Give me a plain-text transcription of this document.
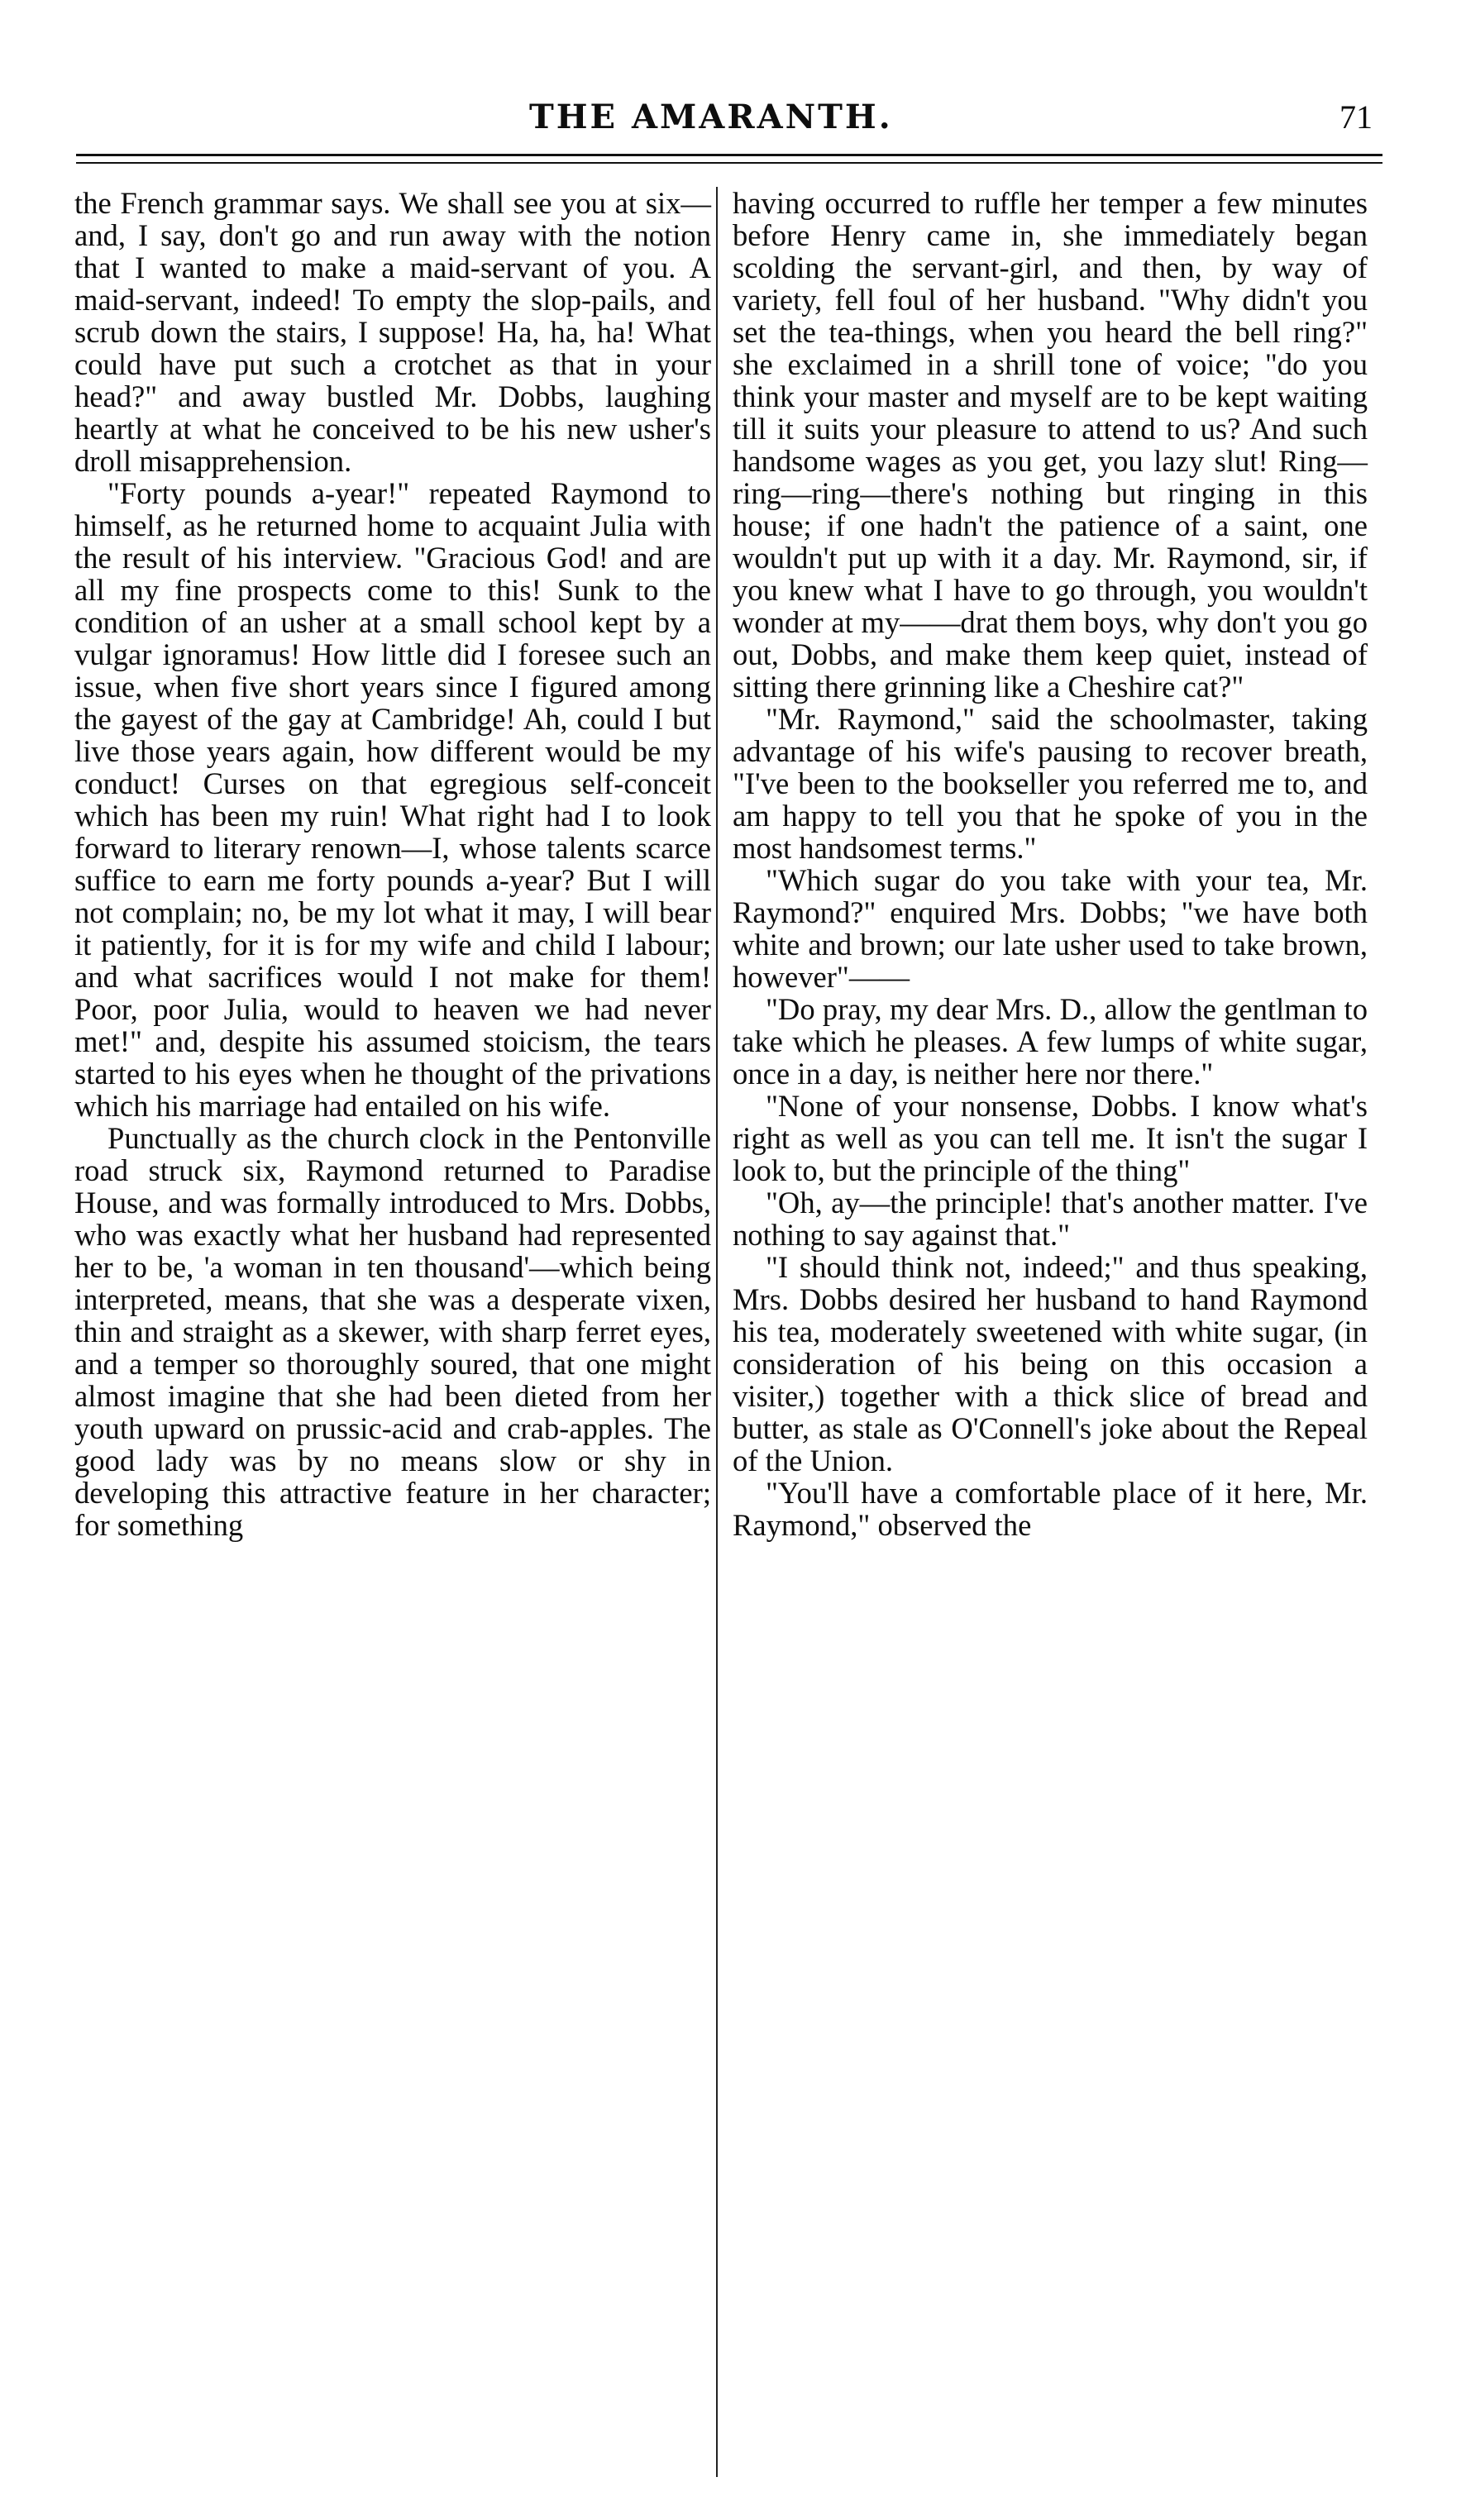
THE AMARANTH.	71

the French grammar says. We shall see you at six—and, I say, don't go and run away with the notion that I wanted to make a maid-servant of you. A maid-servant, indeed! To empty the slop-pails, and scrub down the stairs, I suppose! Ha, ha, ha! What could have put such a crotchet as that in your head?" and away bustled Mr. Dobbs, laughing heartly at what he conceived to be his new usher's droll misapprehension.

"Forty pounds a-year!" repeated Raymond to himself, as he returned home to acquaint Julia with the result of his interview. "Gracious God! and are all my fine prospects come to this! Sunk to the condition of an usher at a small school kept by a vulgar ignoramus! How little did I foresee such an issue, when five short years since I figured among the gayest of the gay at Cambridge! Ah, could I but live those years again, how different would be my conduct! Curses on that egregious self-conceit which has been my ruin! What right had I to look forward to literary renown—I, whose talents scarce suffice to earn me forty pounds a-year? But I will not complain; no, be my lot what it may, I will bear it patiently, for it is for my wife and child I labour; and what sacrifices would I not make for them! Poor, poor Julia, would to heaven we had never met!" and, despite his assumed stoicism, the tears started to his eyes when he thought of the privations which his marriage had entailed on his wife.

Punctually as the church clock in the Pentonville road struck six, Raymond returned to Paradise House, and was formally introduced to Mrs. Dobbs, who was exactly what her husband had represented her to be, 'a woman in ten thousand'—which being interpreted, means, that she was a desperate vixen, thin and straight as a skewer, with sharp ferret eyes, and a temper so thoroughly soured, that one might almost imagine that she had been dieted from her youth upward on prussic-acid and crab-apples. The good lady was by no means slow or shy in developing this attractive feature in her character; for something

having occurred to ruffle her temper a few minutes before Henry came in, she immediately began scolding the servant-girl, and then, by way of variety, fell foul of her husband. "Why didn't you set the tea-things, when you heard the bell ring?" she exclaimed in a shrill tone of voice; "do you think your master and myself are to be kept waiting till it suits your pleasure to attend to us? And such handsome wages as you get, you lazy slut! Ring—ring—ring—there's nothing but ringing in this house; if one hadn't the patience of a saint, one wouldn't put up with it a day. Mr. Raymond, sir, if you knew what I have to go through, you wouldn't wonder at my——drat them boys, why don't you go out, Dobbs, and make them keep quiet, instead of sitting there grinning like a Cheshire cat?"

"Mr. Raymond," said the schoolmaster, taking advantage of his wife's pausing to recover breath, "I've been to the bookseller you referred me to, and am happy to tell you that he spoke of you in the most handsomest terms."

"Which sugar do you take with your tea, Mr. Raymond?" enquired Mrs. Dobbs; "we have both white and brown; our late usher used to take brown, however"——

"Do pray, my dear Mrs. D., allow the gentlman to take which he pleases. A few lumps of white sugar, once in a day, is neither here nor there."

"None of your nonsense, Dobbs. I know what's right as well as you can tell me. It isn't the sugar I look to, but the principle of the thing"

"Oh, ay—the principle! that's another matter. I've nothing to say against that."

"I should think not, indeed;" and thus speaking, Mrs. Dobbs desired her husband to hand Raymond his tea, moderately sweetened with white sugar, (in consideration of his being on this occasion a visiter,) together with a thick slice of bread and butter, as stale as O'Connell's joke about the Repeal of the Union.

"You'll have a comfortable place of it here, Mr. Raymond," observed the
